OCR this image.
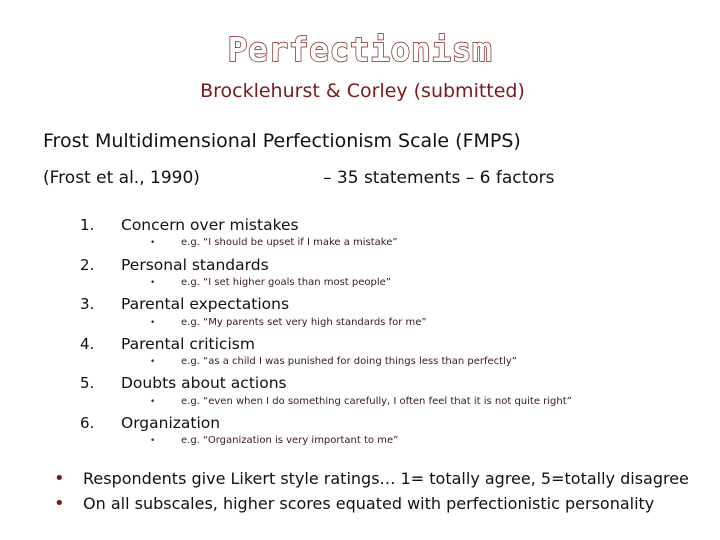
Perfectionism
Brocklehurst & Corley (submitted)
Frost Multidimensional Perfectionism Scale (FMPS)
(Frost et al., 1990)	– 35 statements – 6 factors
1. Concern over mistakes
•	e.g. “I should be upset if I make a mistake”
2. Personal standards
•	e.g. “I set higher goals than most people”
3. Parental expectations
•	e.g. “My parents set very high standards for me”
4. Parental criticism
•	e.g. “as a child I was punished for doing things less than perfectly”
5. Doubts about actions
•	e.g. “even when I do something carefully, I often feel that it is not quite right”
6. Organization
•	e.g. “Organization is very important to me”
• Respondents give Likert style ratings… 1= totally agree, 5=totally disagree
• On all subscales, higher scores equated with perfectionistic personality
